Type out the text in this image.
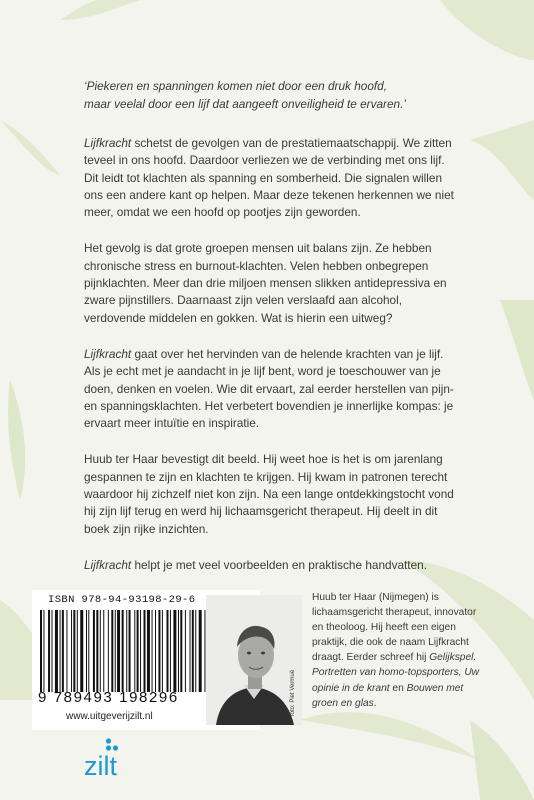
‘Piekeren en spanningen komen niet door een druk hoofd,
maar veelal door een lijf dat aangeeft onveiligheid te ervaren.’

Lijfkracht schetst de gevolgen van de prestatiemaatschappij. We zitten teveel in ons hoofd. Daardoor verliezen we de verbinding met ons lijf. Dit leidt tot klachten als spanning en somberheid. Die signalen willen ons een andere kant op helpen. Maar deze tekenen herkennen we niet meer, omdat we een hoofd op pootjes zijn geworden.

Het gevolg is dat grote groepen mensen uit balans zijn. Ze hebben chronische stress en burnout-klachten. Velen hebben onbegrepen pijnklachten. Meer dan drie miljoen mensen slikken antidepressiva en zware pijnstillers. Daarnaast zijn velen verslaafd aan alcohol, verdovende middelen en gokken. Wat is hierin een uitweg?

Lijfkracht gaat over het hervinden van de helende krachten van je lijf. Als je echt met je aandacht in je lijf bent, word je toeschouwer van je doen, denken en voelen. Wie dit ervaart, zal eerder herstellen van pijn- en spanningsklachten. Het verbetert bovendien je innerlijke kompas: je ervaart meer intuïtie en inspiratie.

Huub ter Haar bevestigt dit beeld. Hij weet hoe is het is om jarenlang gespannen te zijn en klachten te krijgen. Hij kwam in patronen terecht waardoor hij zichzelf niet kon zijn. Na een lange ontdekkingstocht vond hij zijn lijf terug en werd hij lichaamsgericht therapeut. Hij deelt in dit boek zijn rijke inzichten.

Lijfkracht helpt je met veel voorbeelden en praktische handvatten.

ISBN 978-94-93198-29-6
9 789493 198296
www.uitgeverijzilt.nl
foto: Piet Vermuë

Huub ter Haar (Nijmegen) is lichaamsgericht therapeut, innovator en theoloog. Hij heeft een eigen praktijk, die ook de naam Lijfkracht draagt. Eerder schreef hij Gelijkspel. Portretten van homo-topsporters, Uw opinie in de krant en Bouwen met groen en glas.

zilt
